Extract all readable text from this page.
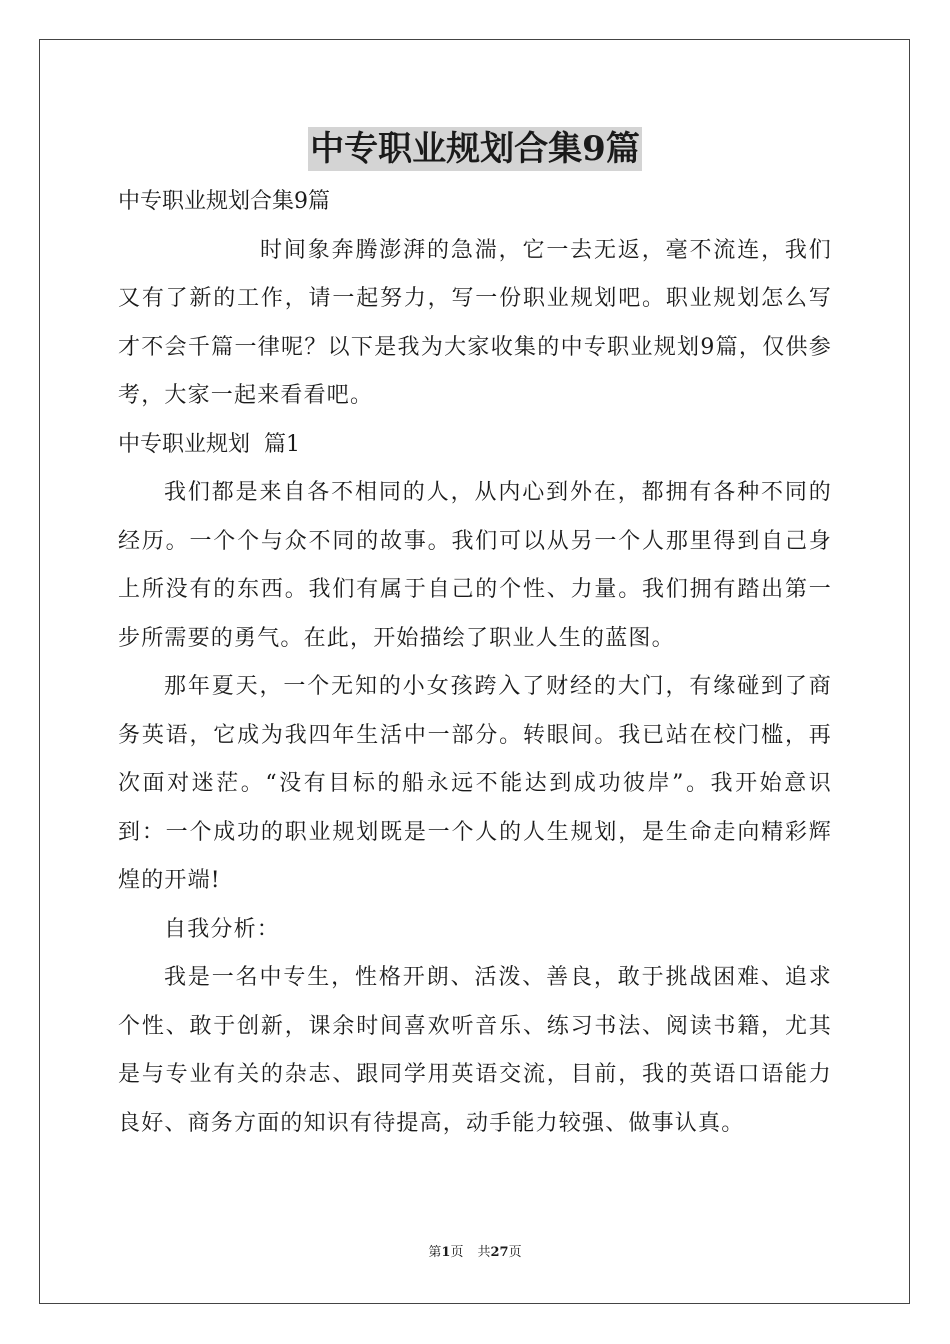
中专职业规划合集9篇

中专职业规划合集9篇

时间象奔腾澎湃的急湍，它一去无返，毫不流连，我们又有了新的工作，请一起努力，写一份职业规划吧。职业规划怎么写才不会千篇一律呢？以下是我为大家收集的中专职业规划9篇，仅供参考，大家一起来看看吧。

中专职业规划  篇1

我们都是来自各不相同的人，从内心到外在，都拥有各种不同的经历。一个个与众不同的故事。我们可以从另一个人那里得到自己身上所没有的东西。我们有属于自己的个性、力量。我们拥有踏出第一步所需要的勇气。在此，开始描绘了职业人生的蓝图。

那年夏天，一个无知的小女孩跨入了财经的大门，有缘碰到了商务英语，它成为我四年生活中一部分。转眼间。我已站在校门槛，再次面对迷茫。“没有目标的船永远不能达到成功彼岸”。我开始意识到：一个成功的职业规划既是一个人的人生规划，是生命走向精彩辉煌的开端!

自我分析：

我是一名中专生，性格开朗、活泼、善良，敢于挑战困难、追求个性、敢于创新，课余时间喜欢听音乐、练习书法、阅读书籍，尤其是与专业有关的杂志、跟同学用英语交流，目前，我的英语口语能力良好、商务方面的知识有待提高，动手能力较强、做事认真。

第1页 共27页
